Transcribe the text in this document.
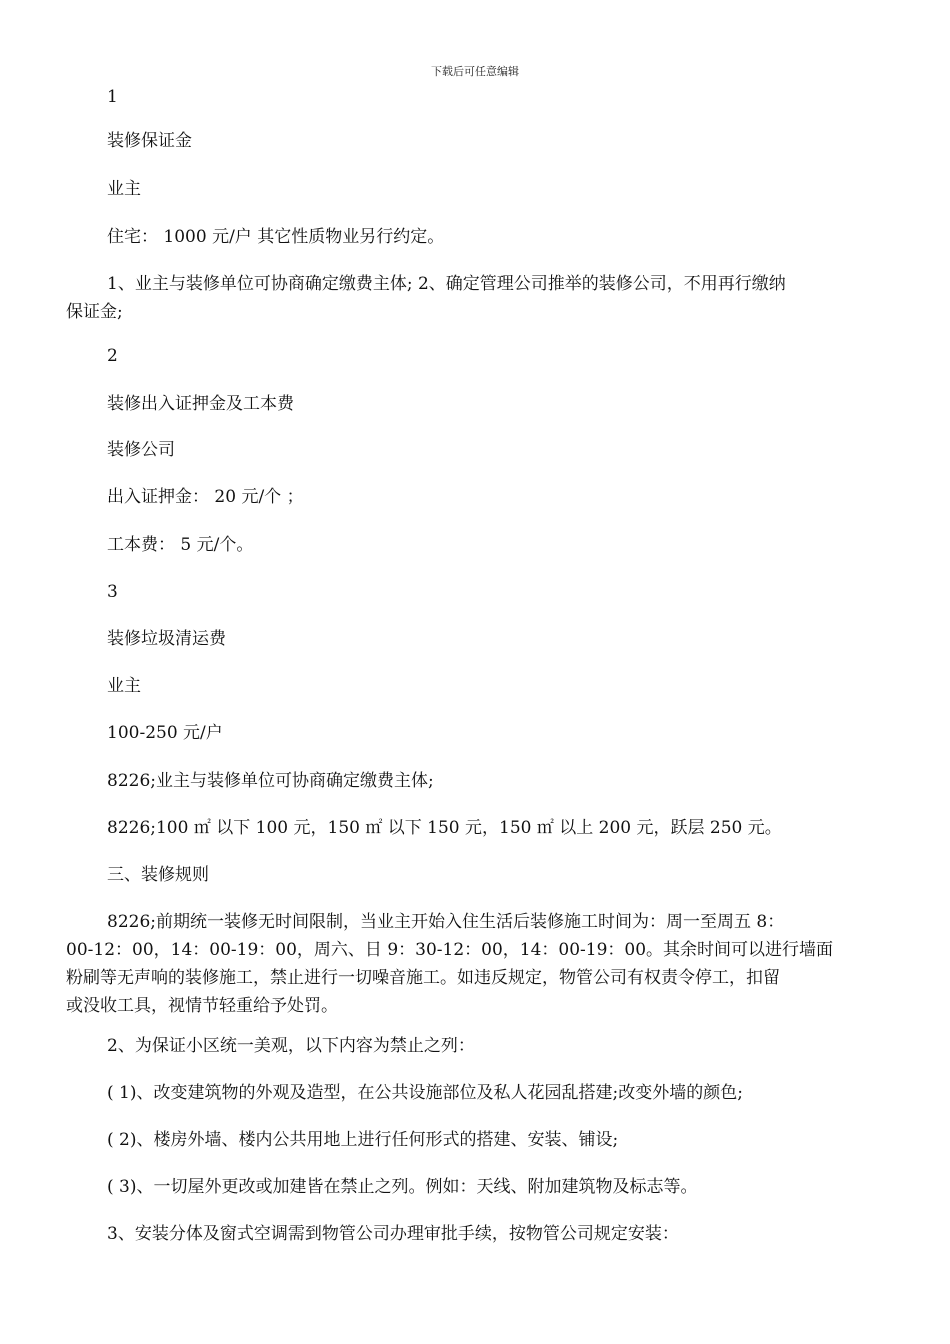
下载后可任意编辑
1
装修保证金
业主
住宅： 1000 元/户 其它性质物业另行约定。
1、业主与装修单位可协商确定缴费主体; 2、确定管理公司推举的装修公司，不用再行缴纳
保证金;
2
装修出入证押金及工本费
装修公司
出入证押金： 20 元/个 ；
工本费： 5 元/个。
3
装修垃圾清运费
业主
100-250 元/户
8226;业主与装修单位可协商确定缴费主体;
8226;100 ㎡ 以下 100 元，150 ㎡ 以下 150 元，150 ㎡ 以上 200 元，跃层 250 元。
三、装修规则
8226;前期统一装修无时间限制，当业主开始入住生活后装修施工时间为：周一至周五 8：
00-12：00，14：00-19：00，周六、日 9：30-12：00，14：00-19：00。其余时间可以进行墙面
粉刷等无声响的装修施工，禁止进行一切噪音施工。如违反规定，物管公司有权责令停工，扣留
或没收工具，视情节轻重给予处罚。
2、为保证小区统一美观，以下内容为禁止之列：
( 1)、改变建筑物的外观及造型，在公共设施部位及私人花园乱搭建;改变外墙的颜色;
( 2)、楼房外墙、楼内公共用地上进行任何形式的搭建、安装、铺设;
( 3)、一切屋外更改或加建皆在禁止之列。例如：天线、附加建筑物及标志等。
3、安装分体及窗式空调需到物管公司办理审批手续，按物管公司规定安装：
